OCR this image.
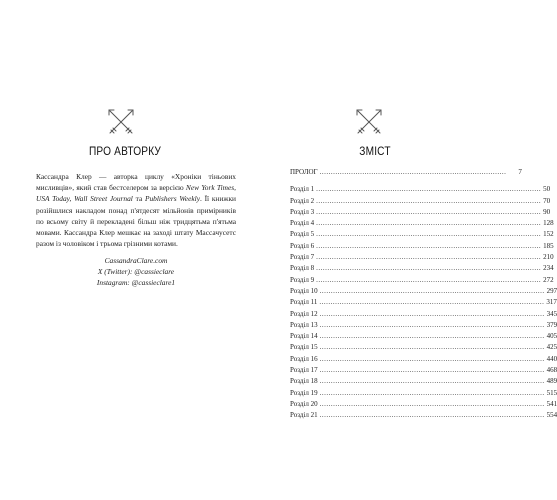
ПРО АВТОРКУ
Кассандра Клер — авторка циклу «Хроніки тіньових мисливців», який став бестселером за версією New York Times, USA Today, Wall Street Journal та Publishers Weekly. Її книжки розійшлися накладом понад п'ятдесят мільйонів примірників по всьому світу й перекладені більш ніж тридцятьма п'ятьма мовами. Кассандра Клер мешкає на заході штату Массачусетс разом із чоловіком і трьома грізними котами.
CassandraClare.com
X (Twitter): @cassieclare
Instagram: @cassieclare1
ЗМІСТ
ПРОЛОГ ................................................................................... 7
Розділ 1 .................................................................................................... 50
Розділ 2 .................................................................................................... 70
Розділ 3 .................................................................................................... 90
Розділ 4 .................................................................................................... 128
Розділ 5 .................................................................................................... 152
Розділ 6 .................................................................................................... 185
Розділ 7 .................................................................................................... 210
Розділ 8 .................................................................................................... 234
Розділ 9 .................................................................................................... 272
Розділ 10 .................................................................................................... 297
Розділ 11 .................................................................................................... 317
Розділ 12 .................................................................................................... 345
Розділ 13 .................................................................................................... 379
Розділ 14 .................................................................................................... 405
Розділ 15 .................................................................................................... 425
Розділ 16 .................................................................................................... 440
Розділ 17 .................................................................................................... 468
Розділ 18 .................................................................................................... 489
Розділ 19 .................................................................................................... 515
Розділ 20 .................................................................................................... 541
Розділ 21 .................................................................................................... 554
